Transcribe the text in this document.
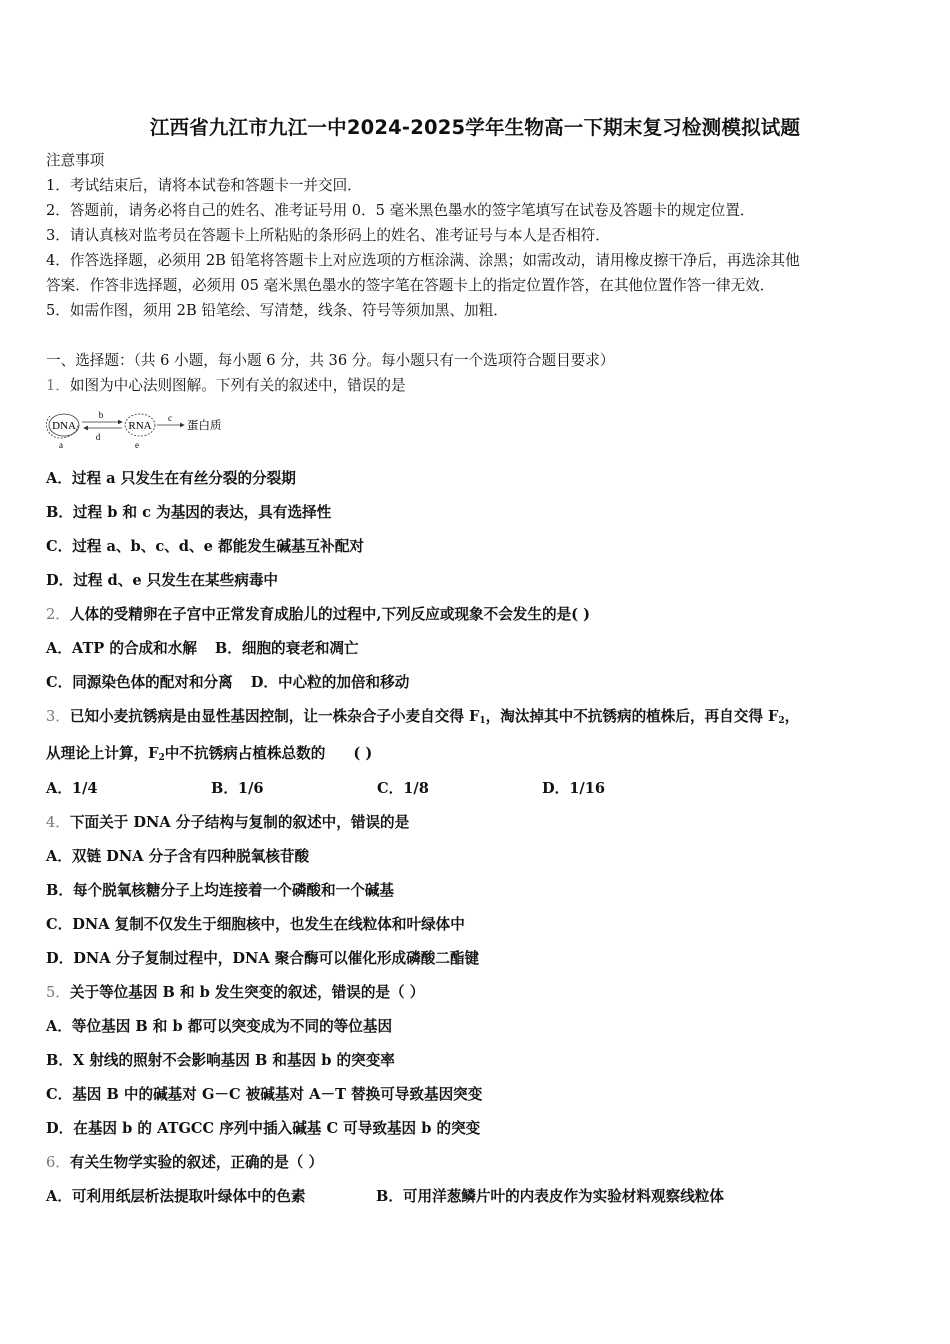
江西省九江市九江一中2024-2025学年生物高一下期末复习检测模拟试题
注意事项
1．考试结束后，请将本试卷和答题卡一并交回．
2．答题前，请务必将自己的姓名、准考证号用 0．5 毫米黑色墨水的签字笔填写在试卷及答题卡的规定位置．
3．请认真核对监考员在答题卡上所粘贴的条形码上的姓名、准考证号与本人是否相符．
4．作答选择题，必须用 2B 铅笔将答题卡上对应选项的方框涂满、涂黑；如需改动，请用橡皮擦干净后，再选涂其他
答案．作答非选择题，必须用 05 毫米黑色墨水的签字笔在答题卡上的指定位置作答，在其他位置作答一律无效．
5．如需作图，须用 2B 铅笔绘、写清楚，线条、符号等须加黑、加粗．
一、选择题：（共 6 小题，每小题 6 分，共 36 分。每小题只有一个选项符合题目要求）
1．如图为中心法则图解。下列有关的叙述中，错误的是
DNA
a
b
d
RNA
e
c 蛋白质
A．过程 a 只发生在有丝分裂的分裂期
B．过程 b 和 c 为基因的表达，具有选择性
C．过程 a、b、c、d、e 都能发生碱基互补配对
D．过程 d、e 只发生在某些病毒中
2．人体的受精卵在子宫中正常发育成胎儿的过程中,下列反应或现象不会发生的是( )
A．ATP 的合成和水解 B．细胞的衰老和凋亡
C．同源染色体的配对和分离 D．中心粒的加倍和移动
3．已知小麦抗锈病是由显性基因控制，让一株杂合子小麦自交得 $F_1$，淘汰掉其中不抗锈病的植株后，再自交得 $F_2$，
从理论上计算，$F_2$中不抗锈病占植株总数的 ( )
A．1/4	B．1/6	C．1/8	D．1/16
4．下面关于 DNA 分子结构与复制的叙述中，错误的是
A．双链 DNA 分子含有四种脱氧核苷酸
B．每个脱氧核糖分子上均连接着一个磷酸和一个碱基
C．DNA 复制不仅发生于细胞核中，也发生在线粒体和叶绿体中
D．DNA 分子复制过程中，DNA 聚合酶可以催化形成磷酸二酯键
5．关于等位基因 B 和 b 发生突变的叙述，错误的是（ ）
A．等位基因 B 和 b 都可以突变成为不同的等位基因
B．X 射线的照射不会影响基因 B 和基因 b 的突变率
C．基因 B 中的碱基对 G－C 被碱基对 A－T 替换可导致基因突变
D．在基因 b 的 ATGCC 序列中插入碱基 C 可导致基因 b 的突变
6．有关生物学实验的叙述，正确的是（ ）
A．可利用纸层析法提取叶绿体中的色素	B．可用洋葱鳞片叶的内表皮作为实验材料观察线粒体
